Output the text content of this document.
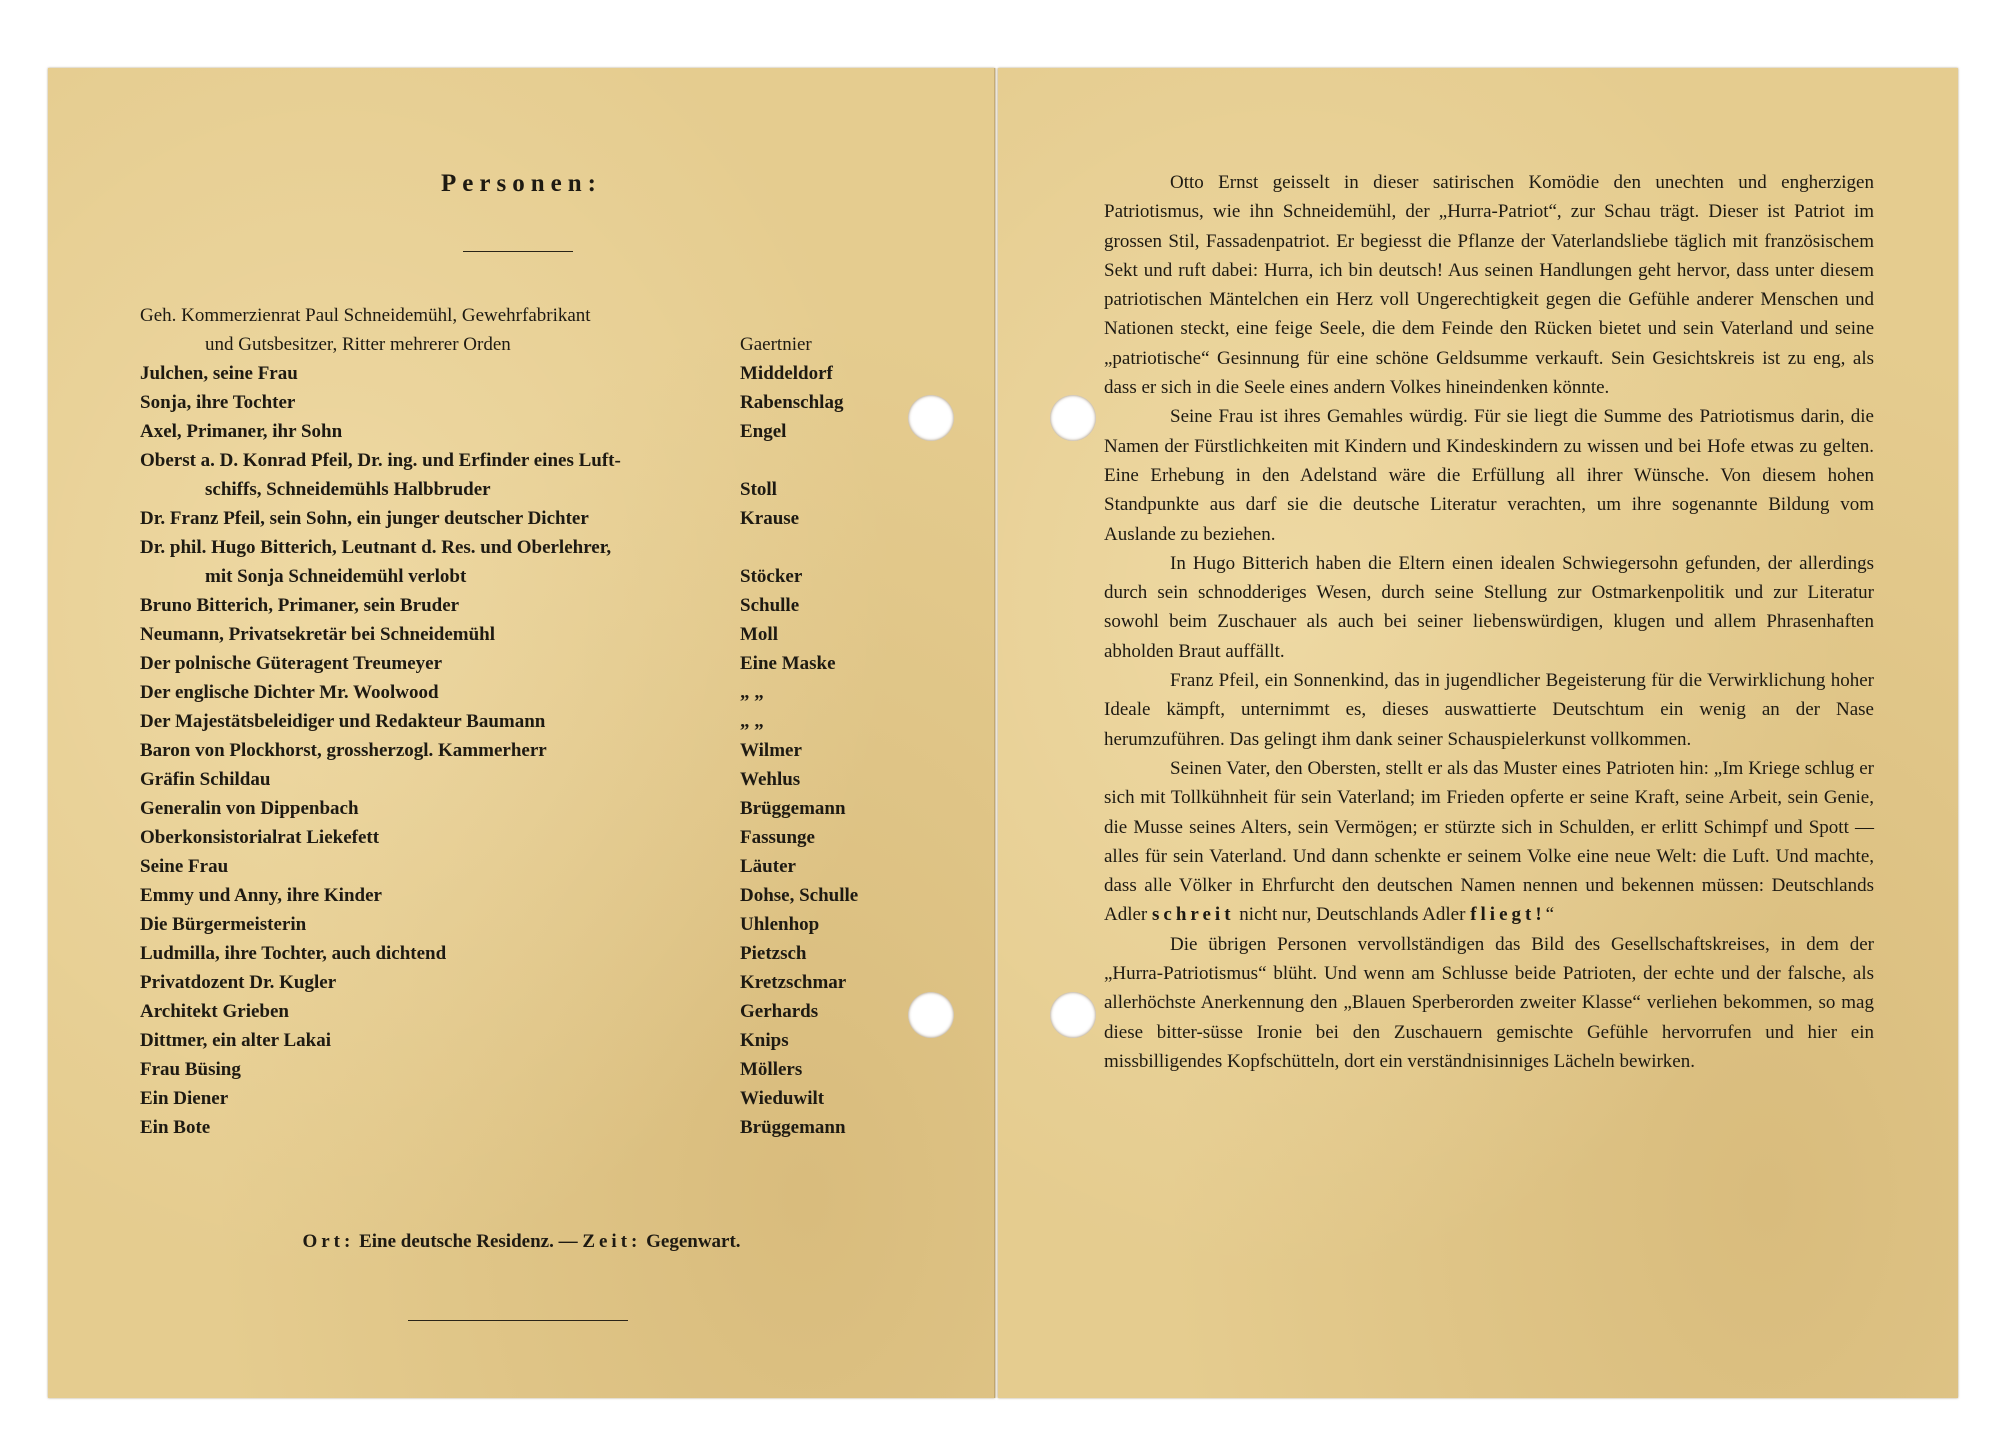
Personen:
Geh. Kommerzienrat Paul Schneidemühl, Gewehrfabrikant
und Gutsbesitzer, Ritter mehrerer Orden	Gaertnier
Julchen, seine Frau	Middeldorf
Sonja, ihre Tochter	Rabenschlag
Axel, Primaner, ihr Sohn	Engel
Oberst a. D. Konrad Pfeil, Dr. ing. und Erfinder eines Luft-
schiffs, Schneidemühls Halbbruder	Stoll
Dr. Franz Pfeil, sein Sohn, ein junger deutscher Dichter	Krause
Dr. phil. Hugo Bitterich, Leutnant d. Res. und Oberlehrer,
mit Sonja Schneidemühl verlobt	Stöcker
Bruno Bitterich, Primaner, sein Bruder	Schulle
Neumann, Privatsekretär bei Schneidemühl	Moll
Der polnische Güteragent Treumeyer	Eine Maske
Der englische Dichter Mr. Woolwood	„ „
Der Majestätsbeleidiger und Redakteur Baumann	„ „
Baron von Plockhorst, grossherzogl. Kammerherr	Wilmer
Gräfin Schildau	Wehlus
Generalin von Dippenbach	Brüggemann
Oberkonsistorialrat Liekefett	Fassunge
Seine Frau	Läuter
Emmy und Anny, ihre Kinder	Dohse, Schulle
Die Bürgermeisterin	Uhlenhop
Ludmilla, ihre Tochter, auch dichtend	Pietzsch
Privatdozent Dr. Kugler	Kretzschmar
Architekt Grieben	Gerhards
Dittmer, ein alter Lakai	Knips
Frau Büsing	Möllers
Ein Diener	Wieduwilt
Ein Bote	Brüggemann
Ort: Eine deutsche Residenz. — Zeit: Gegenwart.

Otto Ernst geisselt in dieser satirischen Komödie den unechten und engherzigen Patriotismus, wie ihn Schneidemühl, der „Hurra-Patriot“, zur Schau trägt. Dieser ist Patriot im grossen Stil, Fassadenpatriot. Er begiesst die Pflanze der Vaterlandsliebe täglich mit französischem Sekt und ruft dabei: Hurra, ich bin deutsch! Aus seinen Handlungen geht hervor, dass unter diesem patriotischen Mäntelchen ein Herz voll Ungerechtigkeit gegen die Gefühle anderer Menschen und Nationen steckt, eine feige Seele, die dem Feinde den Rücken bietet und sein Vaterland und seine „patriotische“ Gesinnung für eine schöne Geldsumme verkauft. Sein Gesichtskreis ist zu eng, als dass er sich in die Seele eines andern Volkes hineindenken könnte.

Seine Frau ist ihres Gemahles würdig. Für sie liegt die Summe des Patriotismus darin, die Namen der Fürstlichkeiten mit Kindern und Kindeskindern zu wissen und bei Hofe etwas zu gelten. Eine Erhebung in den Adelstand wäre die Erfüllung all ihrer Wünsche. Von diesem hohen Standpunkte aus darf sie die deutsche Literatur verachten, um ihre sogenannte Bildung vom Auslande zu beziehen.

In Hugo Bitterich haben die Eltern einen idealen Schwiegersohn gefunden, der allerdings durch sein schnodderiges Wesen, durch seine Stellung zur Ostmarkenpolitik und zur Literatur sowohl beim Zuschauer als auch bei seiner liebenswürdigen, klugen und allem Phrasenhaften abholden Braut auffällt.

Franz Pfeil, ein Sonnenkind, das in jugendlicher Begeisterung für die Verwirklichung hoher Ideale kämpft, unternimmt es, dieses auswattierte Deutschtum ein wenig an der Nase herumzuführen. Das gelingt ihm dank seiner Schauspielerkunst vollkommen.

Seinen Vater, den Obersten, stellt er als das Muster eines Patrioten hin: „Im Kriege schlug er sich mit Tollkühnheit für sein Vaterland; im Frieden opferte er seine Kraft, seine Arbeit, sein Genie, die Musse seines Alters, sein Vermögen; er stürzte sich in Schulden, er erlitt Schimpf und Spott — alles für sein Vaterland. Und dann schenkte er seinem Volke eine neue Welt: die Luft. Und machte, dass alle Völker in Ehrfurcht den deutschen Namen nennen und bekennen müssen: Deutschlands Adler schreit nicht nur, Deutschlands Adler fliegt!“

Die übrigen Personen vervollständigen das Bild des Gesellschaftskreises, in dem der „Hurra-Patriotismus“ blüht. Und wenn am Schlusse beide Patrioten, der echte und der falsche, als allerhöchste Anerkennung den „Blauen Sperberorden zweiter Klasse“ verliehen bekommen, so mag diese bitter-süsse Ironie bei den Zuschauern gemischte Gefühle hervorrufen und hier ein missbilligendes Kopfschütteln, dort ein verständnisinniges Lächeln bewirken.
